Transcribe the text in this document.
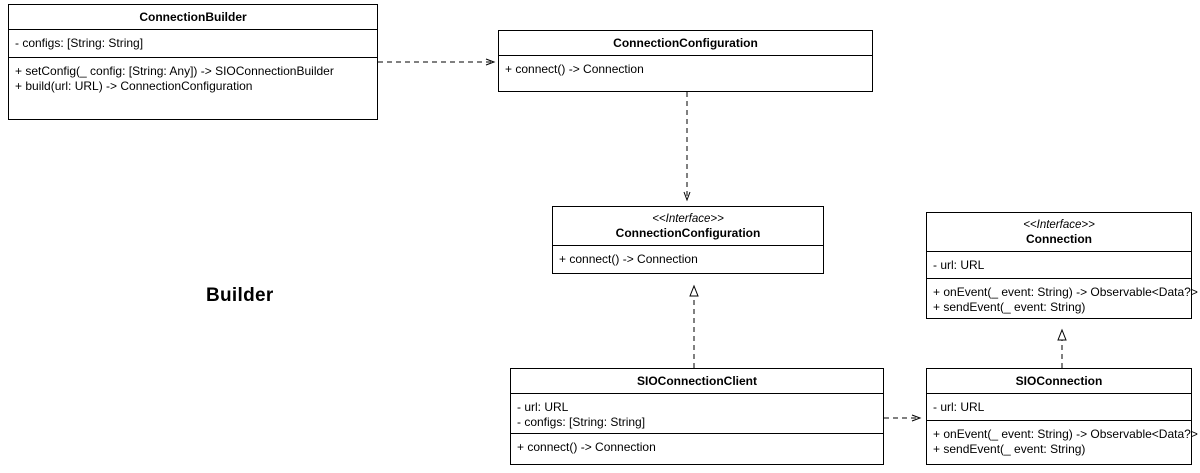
ConnectionBuilder
- configs: [String: String]
+ setConfig(_ config: [String: Any]) -> SIOConnectionBuilder
+ build(url: URL) -> ConnectionConfiguration
ConnectionConfiguration
+ connect() -> Connection
<<Interface>>
ConnectionConfiguration
+ connect() -> Connection
<<Interface>>
Connection
- url: URL
+ onEvent(_ event: String) -> Observable<Data?>
+ sendEvent(_ event: String)
SIOConnectionClient
- url: URL
- configs: [String: String]
+ connect() -> Connection
SIOConnection
- url: URL
+ onEvent(_ event: String) -> Observable<Data?>
+ sendEvent(_ event: String)
Builder
